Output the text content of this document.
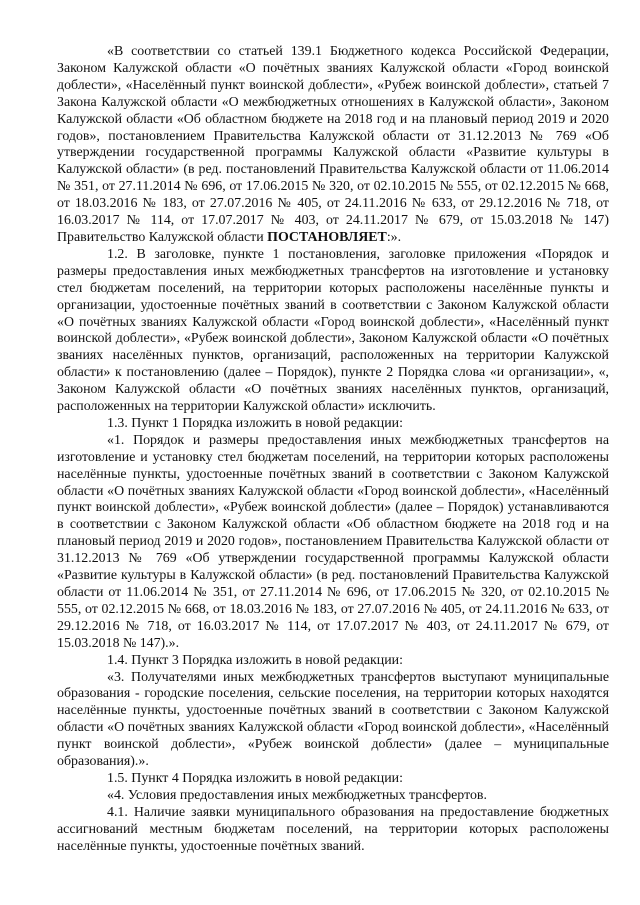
«В соответствии со статьей 139.1 Бюджетного кодекса Российской Федерации, Законом Калужской области «О почётных званиях Калужской области «Город воинской доблести», «Населённый пункт воинской доблести», «Рубеж воинской доблести», статьей 7 Закона Калужской области «О межбюджетных отношениях в Калужской области», Законом Калужской области «Об областном бюджете на 2018 год и на плановый период 2019 и 2020 годов», постановлением Правительства Калужской области от 31.12.2013 № 769 «Об утверждении государственной программы Калужской области «Развитие культуры в Калужской области» (в ред. постановлений Правительства Калужской области от 11.06.2014 № 351, от 27.11.2014 № 696, от 17.06.2015 № 320, от 02.10.2015 № 555, от 02.12.2015 № 668, от 18.03.2016 № 183, от 27.07.2016 № 405, от 24.11.2016 № 633, от 29.12.2016 № 718, от 16.03.2017 № 114, от 17.07.2017 № 403, от 24.11.2017 № 679, от 15.03.2018 № 147) Правительство Калужской области ПОСТАНОВЛЯЕТ:».

1.2. В заголовке, пункте 1 постановления, заголовке приложения «Порядок и размеры предоставления иных межбюджетных трансфертов на изготовление и установку стел бюджетам поселений, на территории которых расположены населённые пункты и организации, удостоенные почётных званий в соответствии с Законом Калужской области «О почётных званиях Калужской области «Город воинской доблести», «Населённый пункт воинской доблести», «Рубеж воинской доблести», Законом Калужской области «О почётных званиях населённых пунктов, организаций, расположенных на территории Калужской области» к постановлению (далее – Порядок), пункте 2 Порядка слова «и организации», «, Законом Калужской области «О почётных званиях населённых пунктов, организаций, расположенных на территории Калужской области» исключить.

1.3. Пункт 1 Порядка изложить в новой редакции:

«1. Порядок и размеры предоставления иных межбюджетных трансфертов на изготовление и установку стел бюджетам поселений, на территории которых расположены населённые пункты, удостоенные почётных званий в соответствии с Законом Калужской области «О почётных званиях Калужской области «Город воинской доблести», «Населённый пункт воинской доблести», «Рубеж воинской доблести» (далее – Порядок) устанавливаются в соответствии с Законом Калужской области «Об областном бюджете на 2018 год и на плановый период 2019 и 2020 годов», постановлением Правительства Калужской области от 31.12.2013 № 769 «Об утверждении государственной программы Калужской области «Развитие культуры в Калужской области» (в ред. постановлений Правительства Калужской области от 11.06.2014 № 351, от 27.11.2014 № 696, от 17.06.2015 № 320, от 02.10.2015 № 555, от 02.12.2015 № 668, от 18.03.2016 № 183, от 27.07.2016 № 405, от 24.11.2016 № 633, от 29.12.2016 № 718, от 16.03.2017 № 114, от 17.07.2017 № 403, от 24.11.2017 № 679, от 15.03.2018 № 147).».

1.4. Пункт 3 Порядка изложить в новой редакции:

«3. Получателями иных межбюджетных трансфертов выступают муниципальные образования - городские поселения, сельские поселения, на территории которых находятся населённые пункты, удостоенные почётных званий в соответствии с Законом Калужской области «О почётных званиях Калужской области «Город воинской доблести», «Населённый пункт воинской доблести», «Рубеж воинской доблести» (далее – муниципальные образования).».

1.5. Пункт 4 Порядка изложить в новой редакции:

«4. Условия предоставления иных межбюджетных трансфертов.

4.1. Наличие заявки муниципального образования на предоставление бюджетных ассигнований местным бюджетам поселений, на территории которых расположены населённые пункты, удостоенные почётных званий.
